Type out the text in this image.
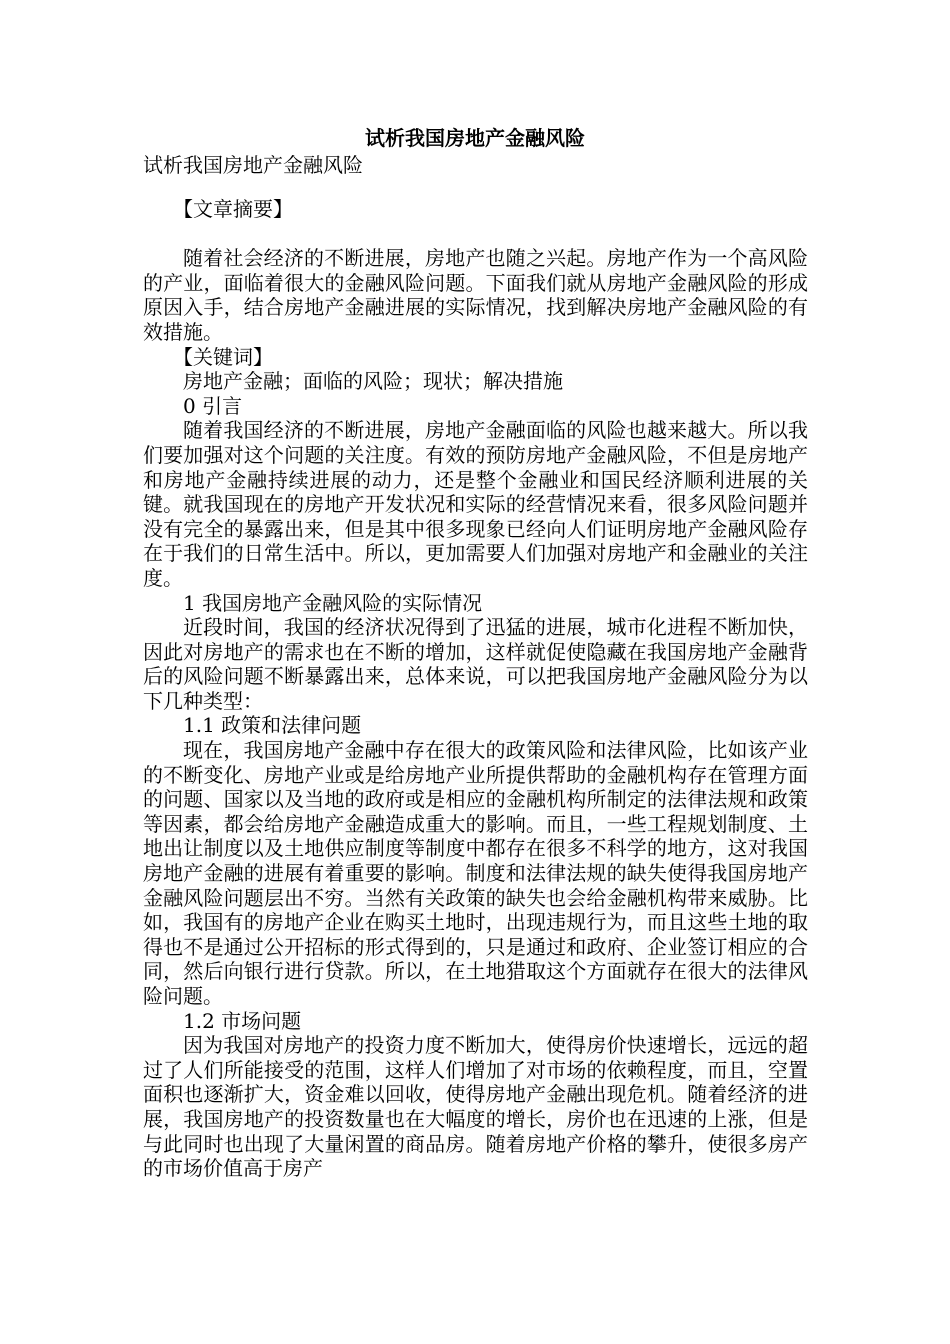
试析我国房地产金融风险
试析我国房地产金融风险

【文章摘要】

随着社会经济的不断进展，房地产也随之兴起。房地产作为一个高风险的产业，面临着很大的金融风险问题。下面我们就从房地产金融风险的形成原因入手，结合房地产金融进展的实际情况，找到解决房地产金融风险的有效措施。

【关键词】

房地产金融；面临的风险；现状；解决措施

0 引言

随着我国经济的不断进展，房地产金融面临的风险也越来越大。所以我们要加强对这个问题的关注度。有效的预防房地产金融风险，不但是房地产和房地产金融持续进展的动力，还是整个金融业和国民经济顺利进展的关键。就我国现在的房地产开发状况和实际的经营情况来看，很多风险问题并没有完全的暴露出来，但是其中很多现象已经向人们证明房地产金融风险存在于我们的日常生活中。所以，更加需要人们加强对房地产和金融业的关注度。

1 我国房地产金融风险的实际情况

近段时间，我国的经济状况得到了迅猛的进展，城市化进程不断加快，因此对房地产的需求也在不断的增加，这样就促使隐藏在我国房地产金融背后的风险问题不断暴露出来，总体来说，可以把我国房地产金融风险分为以下几种类型：

1.1 政策和法律问题

现在，我国房地产金融中存在很大的政策风险和法律风险，比如该产业的不断变化、房地产业或是给房地产业所提供帮助的金融机构存在管理方面的问题、国家以及当地的政府或是相应的金融机构所制定的法律法规和政策等因素，都会给房地产金融造成重大的影响。而且，一些工程规划制度、土地出让制度以及土地供应制度等制度中都存在很多不科学的地方，这对我国房地产金融的进展有着重要的影响。制度和法律法规的缺失使得我国房地产金融风险问题层出不穷。当然有关政策的缺失也会给金融机构带来威胁。比如，我国有的房地产企业在购买土地时，出现违规行为，而且这些土地的取得也不是通过公开招标的形式得到的，只是通过和政府、企业签订相应的合同，然后向银行进行贷款。所以，在土地猎取这个方面就存在很大的法律风险问题。

1.2 市场问题

因为我国对房地产的投资力度不断加大，使得房价快速增长，远远的超过了人们所能接受的范围，这样人们增加了对市场的依赖程度，而且，空置面积也逐渐扩大，资金难以回收，使得房地产金融出现危机。随着经济的进展，我国房地产的投资数量也在大幅度的增长，房价也在迅速的上涨，但是与此同时也出现了大量闲置的商品房。随着房地产价格的攀升，使很多房产的市场价值高于房产
